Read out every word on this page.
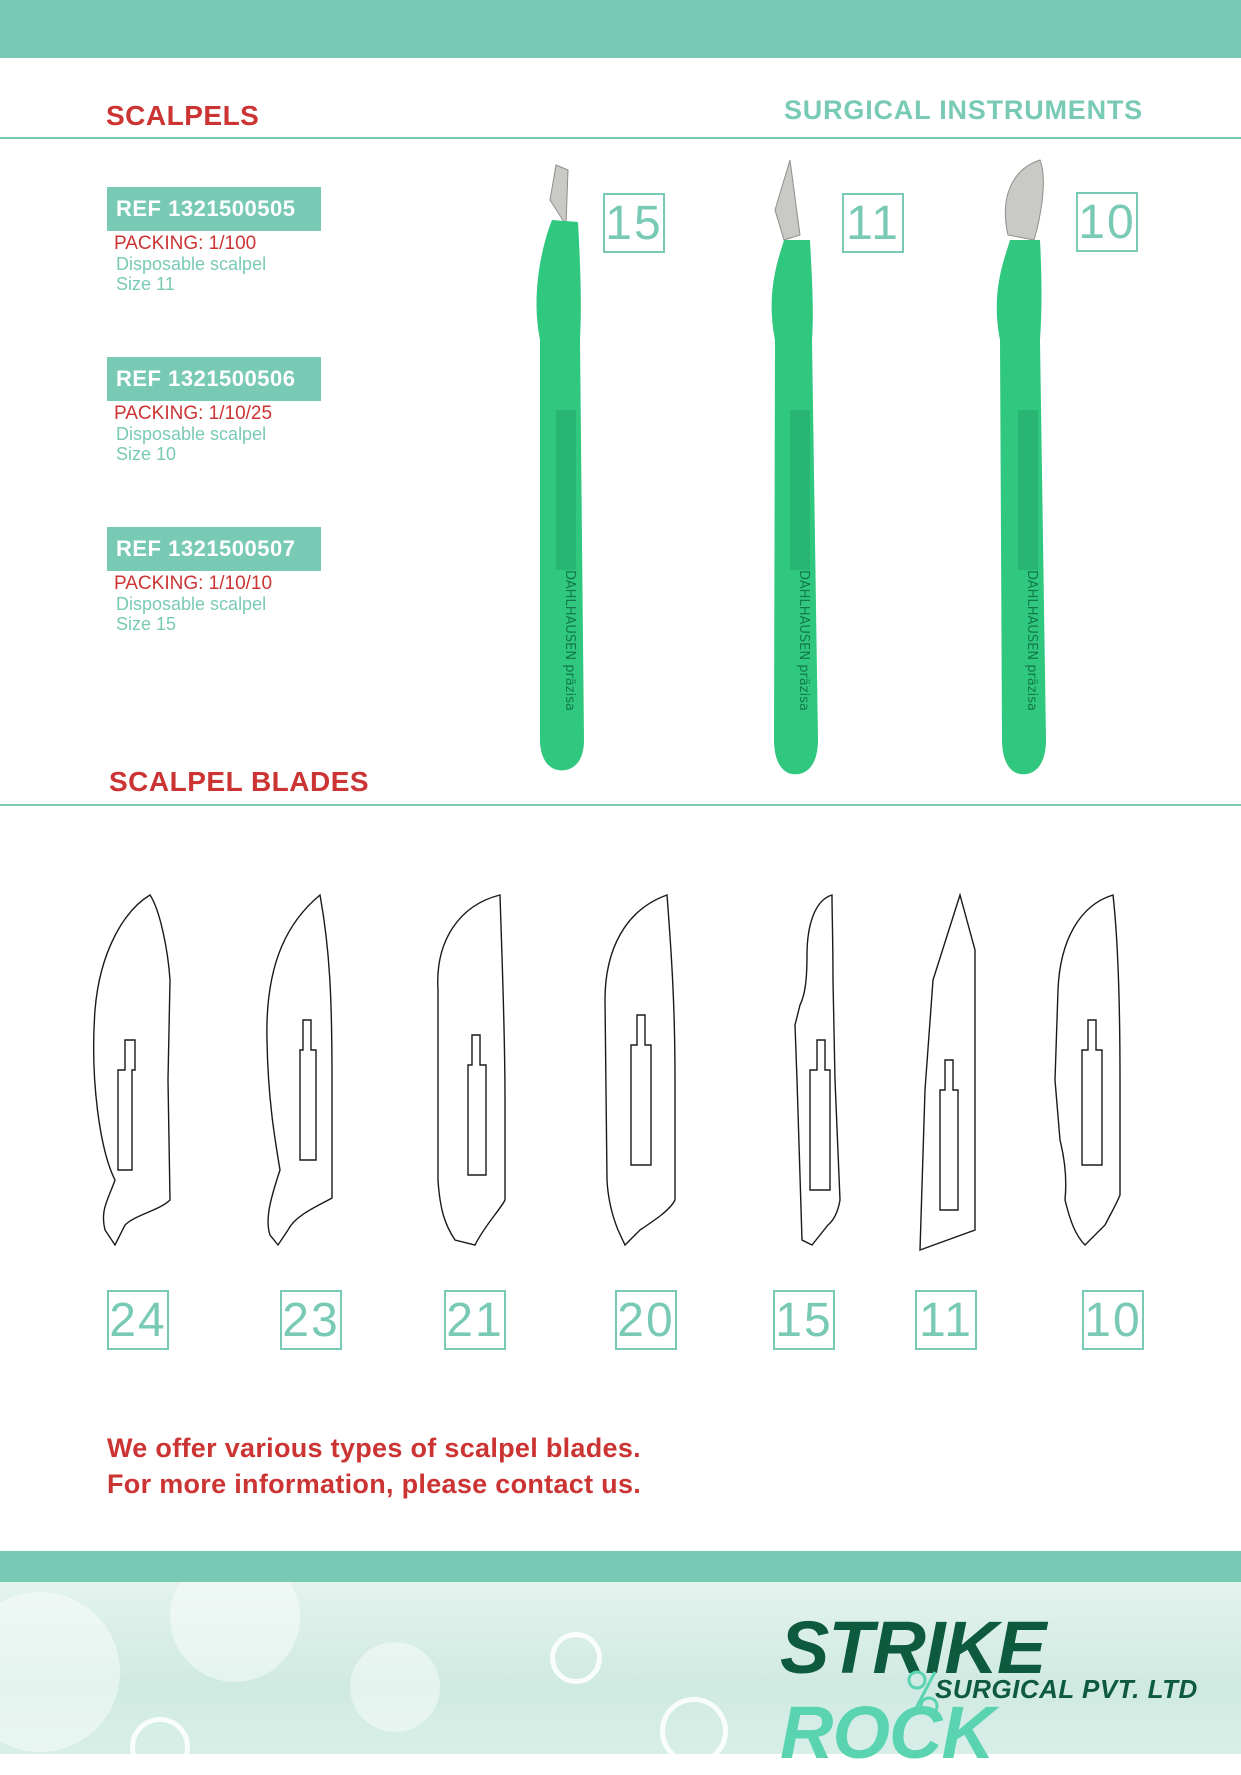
SCALPELS	SURGICAL INSTRUMENTS
REF 1321500505
PACKING: 1/100
Disposable scalpel
Size 11
REF 1321500506
PACKING: 1/10/25
Disposable scalpel
Size 10
REF 1321500507
PACKING: 1/10/10
Disposable scalpel
Size 15	DAHLHAUSEN präzisa	DAHLHAUSEN präzisa	DAHLHAUSEN präzisa
15	11	10
SCALPEL BLADES
24 23 21 20 15 11 10
We offer various types of scalpel blades.
For more information, please contact us.
STRIKE ROCK
SURGICAL PVT. LTD
